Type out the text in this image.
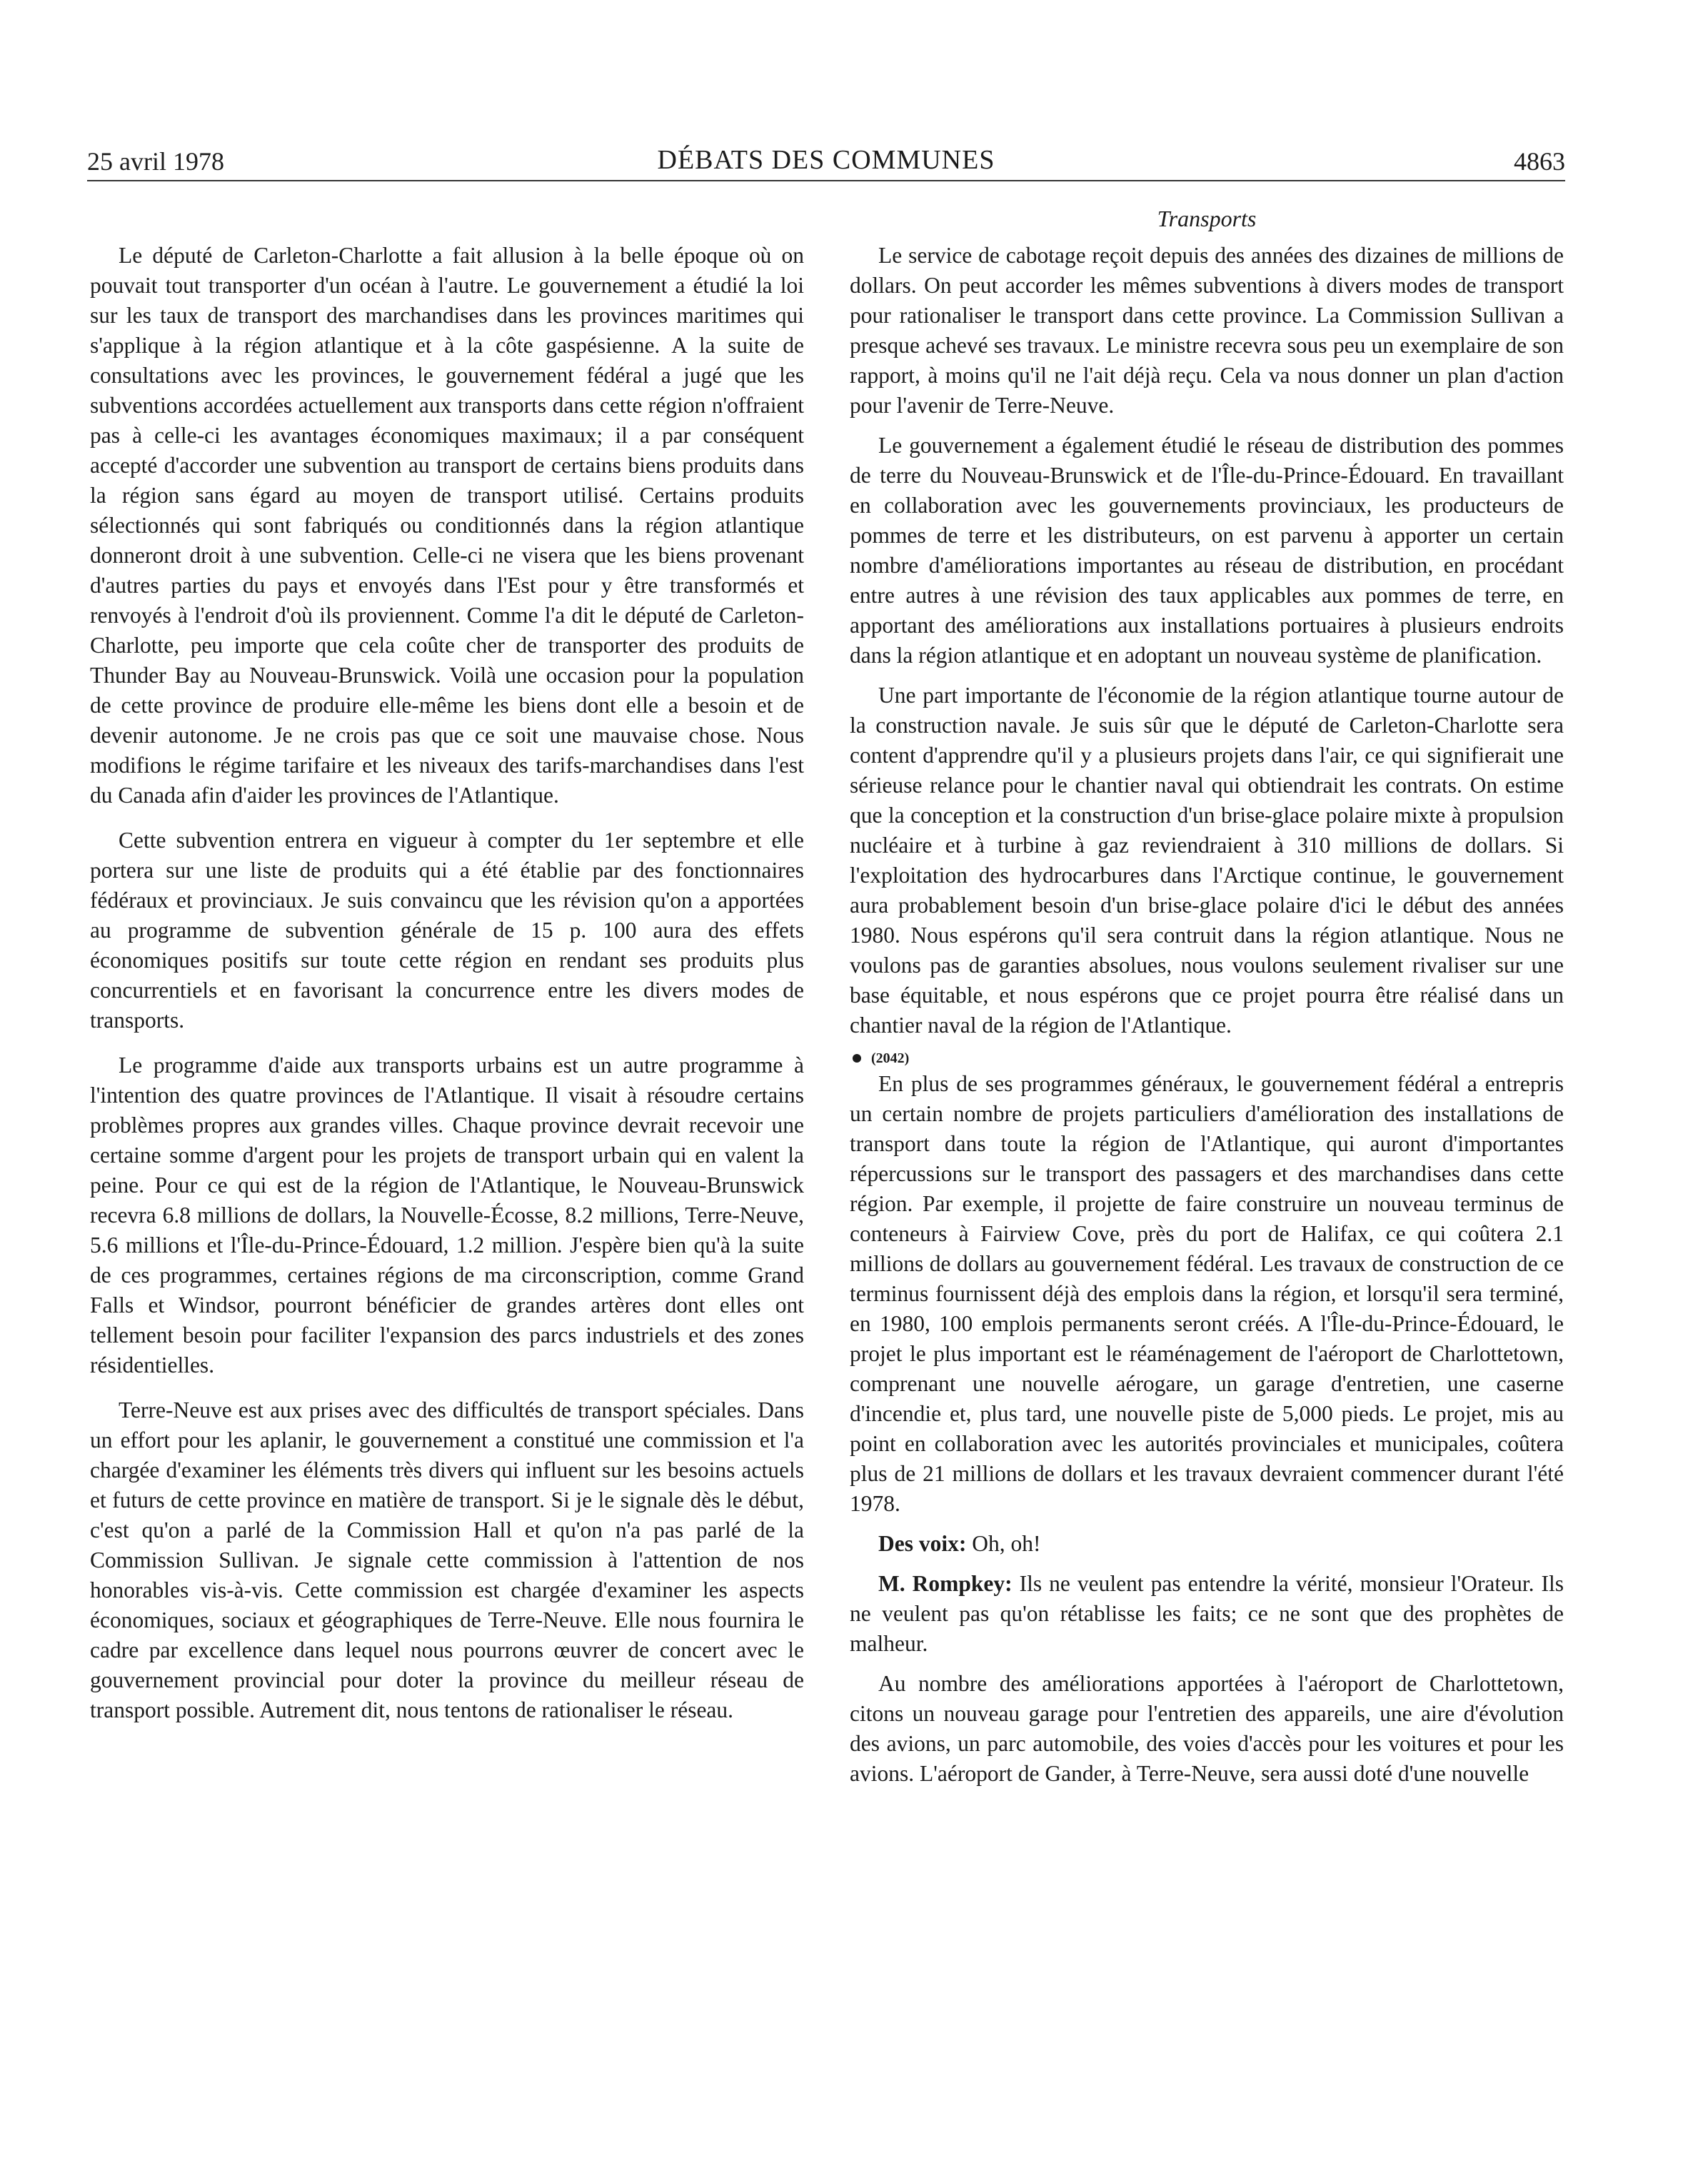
25 avril 1978	DÉBATS DES COMMUNES	4863

Le député de Carleton-Charlotte a fait allusion à la belle époque où on pouvait tout transporter d'un océan à l'autre. Le gouvernement a étudié la loi sur les taux de transport des marchandises dans les provinces maritimes qui s'applique à la région atlantique et à la côte gaspésienne. A la suite de consultations avec les provinces, le gouvernement fédéral a jugé que les subventions accordées actuellement aux transports dans cette région n'offraient pas à celle-ci les avantages économiques maximaux; il a par conséquent accepté d'accorder une subvention au transport de certains biens produits dans la région sans égard au moyen de transport utilisé. Certains produits sélectionnés qui sont fabriqués ou conditionnés dans la région atlantique donneront droit à une subvention. Celle-ci ne visera que les biens provenant d'autres parties du pays et envoyés dans l'Est pour y être transformés et renvoyés à l'endroit d'où ils proviennent. Comme l'a dit le député de Carleton-Charlotte, peu importe que cela coûte cher de transporter des produits de Thunder Bay au Nouveau-Brunswick. Voilà une occasion pour la population de cette province de produire elle-même les biens dont elle a besoin et de devenir autonome. Je ne crois pas que ce soit une mauvaise chose. Nous modifions le régime tarifaire et les niveaux des tarifs-marchandises dans l'est du Canada afin d'aider les provinces de l'Atlantique.

Cette subvention entrera en vigueur à compter du 1er septembre et elle portera sur une liste de produits qui a été établie par des fonctionnaires fédéraux et provinciaux. Je suis convaincu que les révision qu'on a apportées au programme de subvention générale de 15 p. 100 aura des effets économiques positifs sur toute cette région en rendant ses produits plus concurrentiels et en favorisant la concurrence entre les divers modes de transports.

Le programme d'aide aux transports urbains est un autre programme à l'intention des quatre provinces de l'Atlantique. Il visait à résoudre certains problèmes propres aux grandes villes. Chaque province devrait recevoir une certaine somme d'argent pour les projets de transport urbain qui en valent la peine. Pour ce qui est de la région de l'Atlantique, le Nouveau-Brunswick recevra 6.8 millions de dollars, la Nouvelle-Écosse, 8.2 millions, Terre-Neuve, 5.6 millions et l'Île-du-Prince-Édouard, 1.2 million. J'espère bien qu'à la suite de ces programmes, certaines régions de ma circonscription, comme Grand Falls et Windsor, pourront bénéficier de grandes artères dont elles ont tellement besoin pour faciliter l'expansion des parcs industriels et des zones résidentielles.

Terre-Neuve est aux prises avec des difficultés de transport spéciales. Dans un effort pour les aplanir, le gouvernement a constitué une commission et l'a chargée d'examiner les éléments très divers qui influent sur les besoins actuels et futurs de cette province en matière de transport. Si je le signale dès le début, c'est qu'on a parlé de la Commission Hall et qu'on n'a pas parlé de la Commission Sullivan. Je signale cette commission à l'attention de nos honorables vis-à-vis. Cette commission est chargée d'examiner les aspects économiques, sociaux et géographiques de Terre-Neuve. Elle nous fournira le cadre par excellence dans lequel nous pourrons œuvrer de concert avec le gouvernement provincial pour doter la province du meilleur réseau de transport possible. Autrement dit, nous tentons de rationaliser le réseau.

Transports

Le service de cabotage reçoit depuis des années des dizaines de millions de dollars. On peut accorder les mêmes subventions à divers modes de transport pour rationaliser le transport dans cette province. La Commission Sullivan a presque achevé ses travaux. Le ministre recevra sous peu un exemplaire de son rapport, à moins qu'il ne l'ait déjà reçu. Cela va nous donner un plan d'action pour l'avenir de Terre-Neuve.

Le gouvernement a également étudié le réseau de distribution des pommes de terre du Nouveau-Brunswick et de l'Île-du-Prince-Édouard. En travaillant en collaboration avec les gouvernements provinciaux, les producteurs de pommes de terre et les distributeurs, on est parvenu à apporter un certain nombre d'améliorations importantes au réseau de distribution, en procédant entre autres à une révision des taux applicables aux pommes de terre, en apportant des améliorations aux installations portuaires à plusieurs endroits dans la région atlantique et en adoptant un nouveau système de planification.

Une part importante de l'économie de la région atlantique tourne autour de la construction navale. Je suis sûr que le député de Carleton-Charlotte sera content d'apprendre qu'il y a plusieurs projets dans l'air, ce qui signifierait une sérieuse relance pour le chantier naval qui obtiendrait les contrats. On estime que la conception et la construction d'un brise-glace polaire mixte à propulsion nucléaire et à turbine à gaz reviendraient à 310 millions de dollars. Si l'exploitation des hydrocarbures dans l'Arctique continue, le gouvernement aura probablement besoin d'un brise-glace polaire d'ici le début des années 1980. Nous espérons qu'il sera contruit dans la région atlantique. Nous ne voulons pas de garanties absolues, nous voulons seulement rivaliser sur une base équitable, et nous espérons que ce projet pourra être réalisé dans un chantier naval de la région de l'Atlantique.

(2042)

En plus de ses programmes généraux, le gouvernement fédéral a entrepris un certain nombre de projets particuliers d'amélioration des installations de transport dans toute la région de l'Atlantique, qui auront d'importantes répercussions sur le transport des passagers et des marchandises dans cette région. Par exemple, il projette de faire construire un nouveau terminus de conteneurs à Fairview Cove, près du port de Halifax, ce qui coûtera 2.1 millions de dollars au gouvernement fédéral. Les travaux de construction de ce terminus fournissent déjà des emplois dans la région, et lorsqu'il sera terminé, en 1980, 100 emplois permanents seront créés. A l'Île-du-Prince-Édouard, le projet le plus important est le réaménagement de l'aéroport de Charlottetown, comprenant une nouvelle aérogare, un garage d'entretien, une caserne d'incendie et, plus tard, une nouvelle piste de 5,000 pieds. Le projet, mis au point en collaboration avec les autorités provinciales et municipales, coûtera plus de 21 millions de dollars et les travaux devraient commencer durant l'été 1978.

Des voix: Oh, oh!

M. Rompkey: Ils ne veulent pas entendre la vérité, monsieur l'Orateur. Ils ne veulent pas qu'on rétablisse les faits; ce ne sont que des prophètes de malheur.

Au nombre des améliorations apportées à l'aéroport de Charlottetown, citons un nouveau garage pour l'entretien des appareils, une aire d'évolution des avions, un parc automobile, des voies d'accès pour les voitures et pour les avions. L'aéroport de Gander, à Terre-Neuve, sera aussi doté d'une nouvelle
